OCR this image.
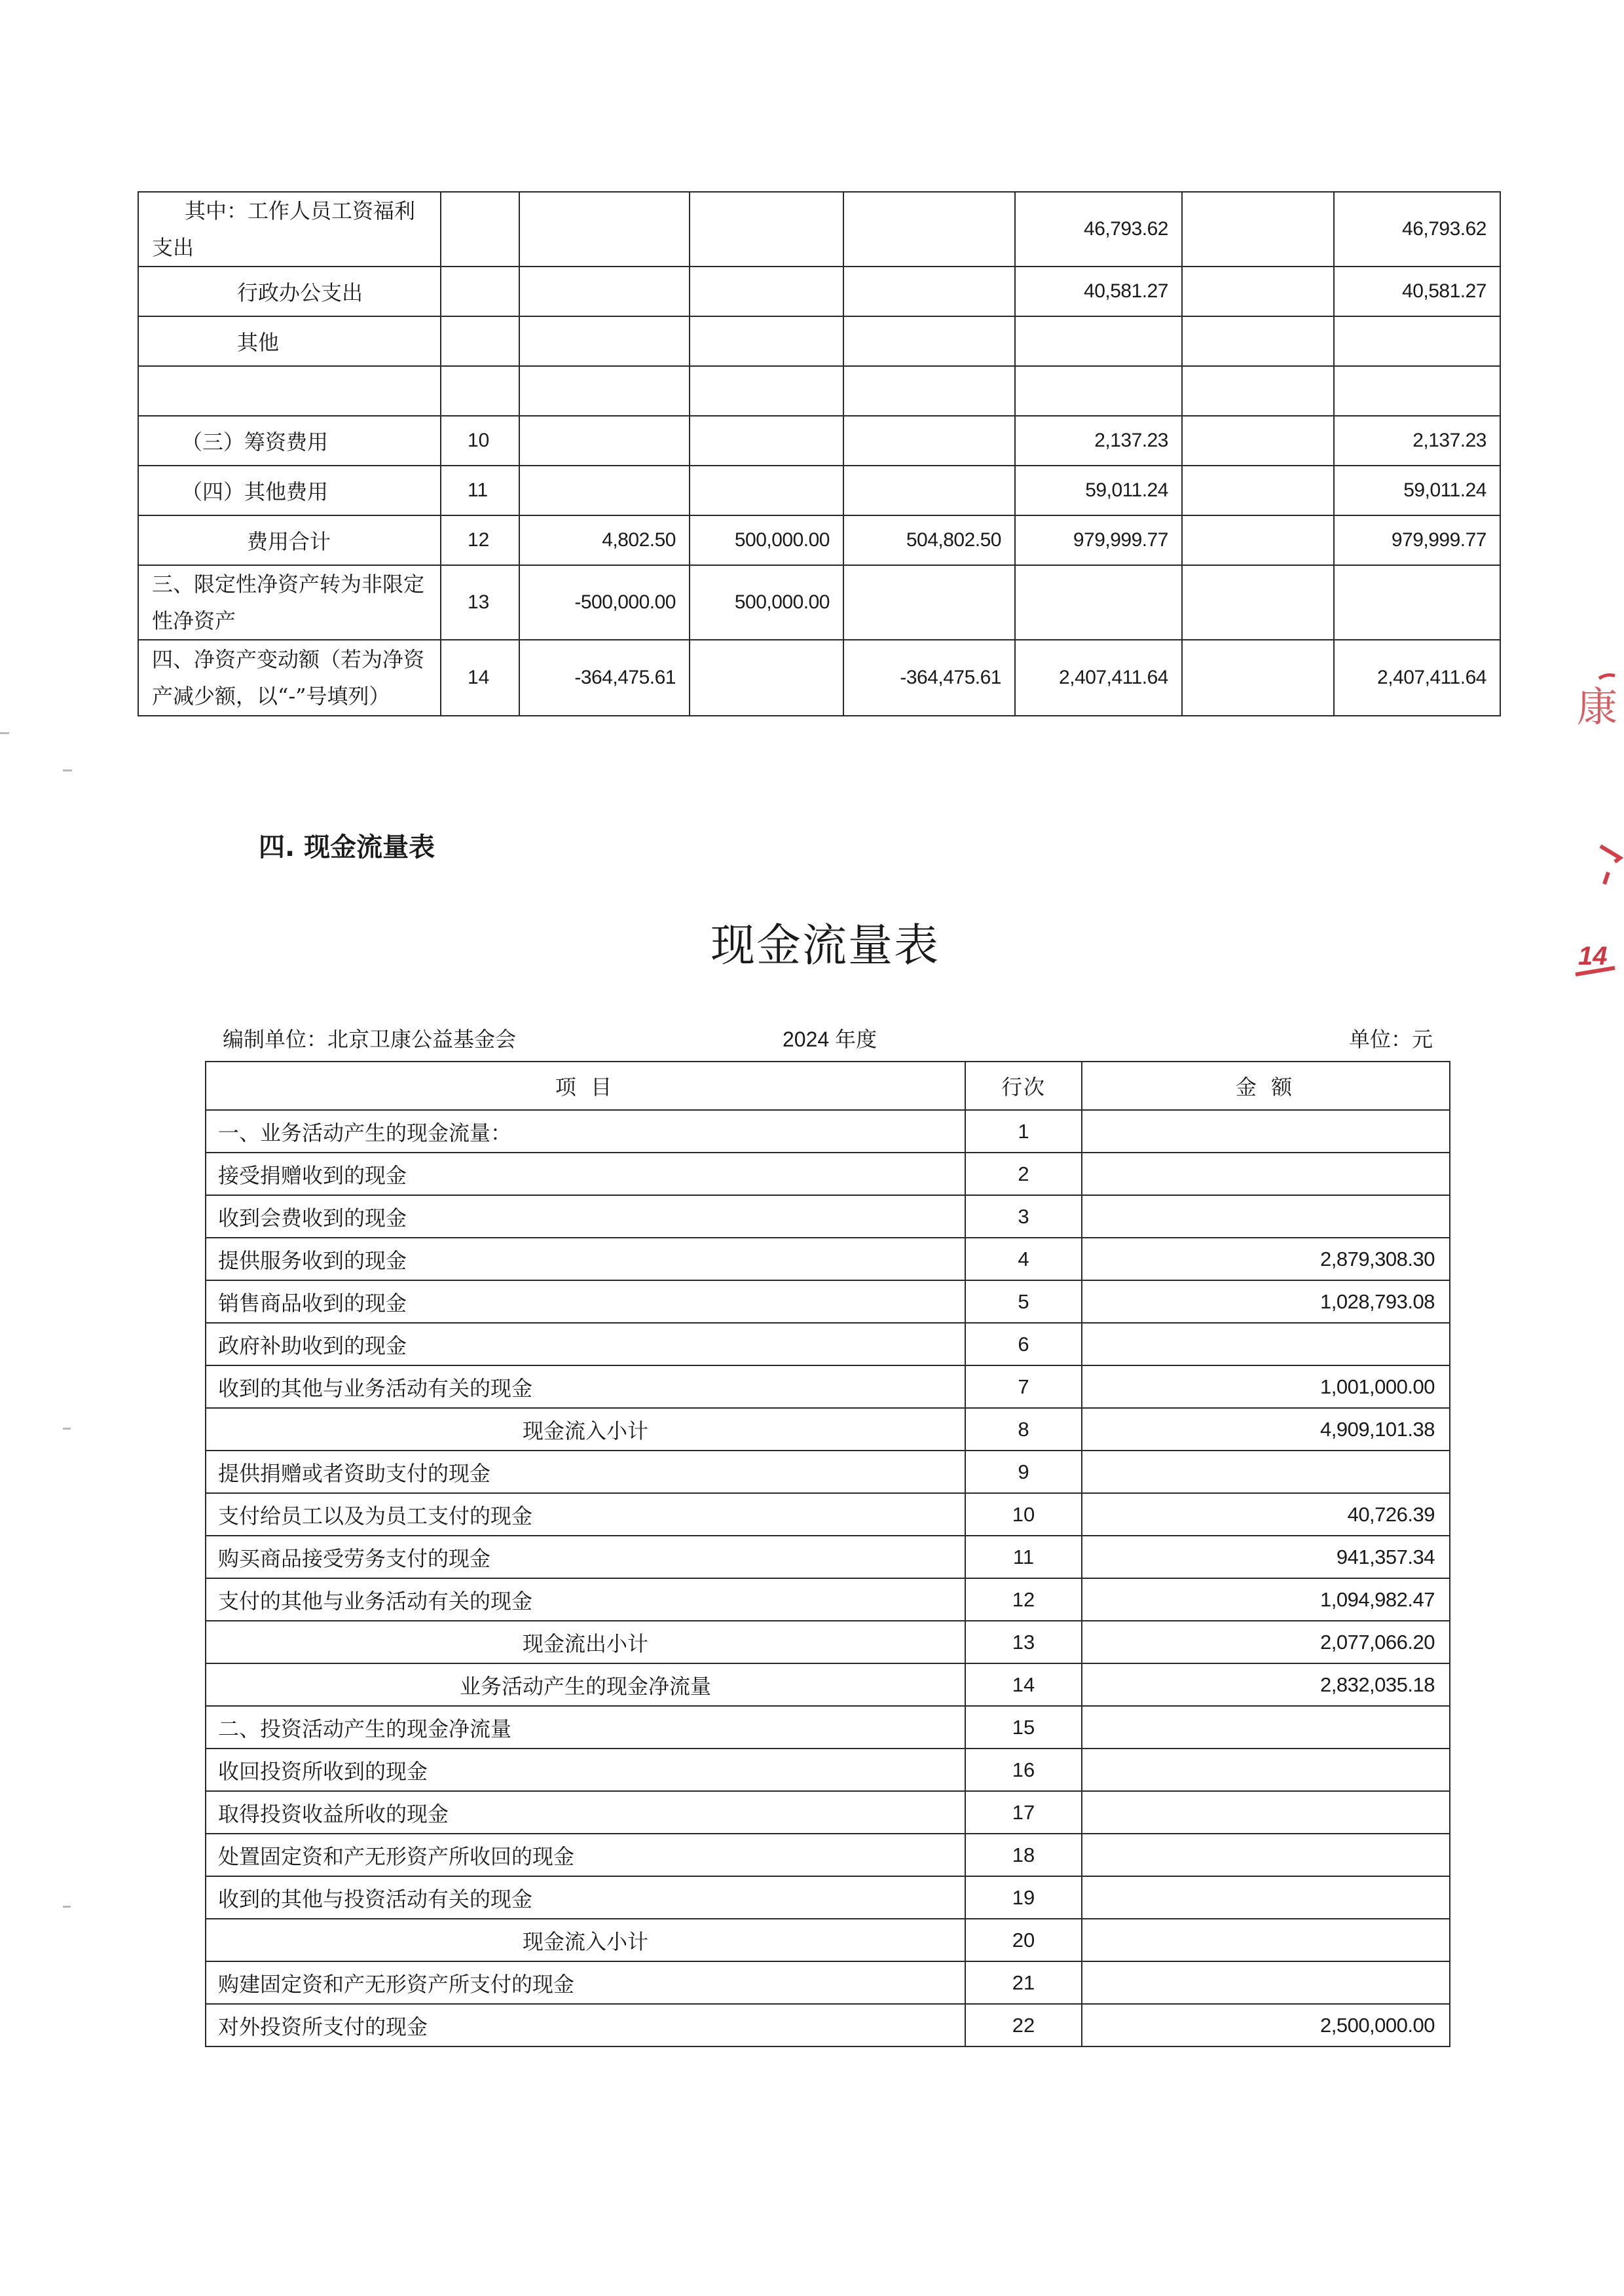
其中：工作人员工资福利
支出					46,793.62		46,793.62

行政办公支出					40,581.27		40,581.27

其他							

（三）筹资费用	10				2,137.23		2,137.23

（四）其他费用	11				59,011.24		59,011.24

费用合计	12	4,802.50	500,000.00	504,802.50	979,999.77		979,999.77

三、限定性净资产转为非限定
性净资产	13	-500,000.00	500,000.00				

四、净资产变动额（若为净资
产减少额，以“-”号填列）	14	-364,475.61		-364,475.61	2,407,411.64		2,407,411.64
四. 现金流量表
现金流量表
编制单位：北京卫康公益基金会	2024 年度	单位：元
项 目	行次	金 额
一、业务活动产生的现金流量：	1	
接受捐赠收到的现金	2	
收到会费收到的现金	3	
提供服务收到的现金	4	2,879,308.30
销售商品收到的现金	5	1,028,793.08
政府补助收到的现金	6	
收到的其他与业务活动有关的现金	7	1,001,000.00
现金流入小计	8	4,909,101.38
提供捐赠或者资助支付的现金	9	
支付给员工以及为员工支付的现金	10	40,726.39
购买商品接受劳务支付的现金	11	941,357.34
支付的其他与业务活动有关的现金	12	1,094,982.47
现金流出小计	13	2,077,066.20
业务活动产生的现金净流量	14	2,832,035.18
二、投资活动产生的现金净流量	15	
收回投资所收到的现金	16	
取得投资收益所收的现金	17	
处置固定资和产无形资产所收回的现金	18	
收到的其他与投资活动有关的现金	19	
现金流入小计	20	
购建固定资和产无形资产所支付的现金	21	
对外投资所支付的现金	22	2,500,000.00
康
14
